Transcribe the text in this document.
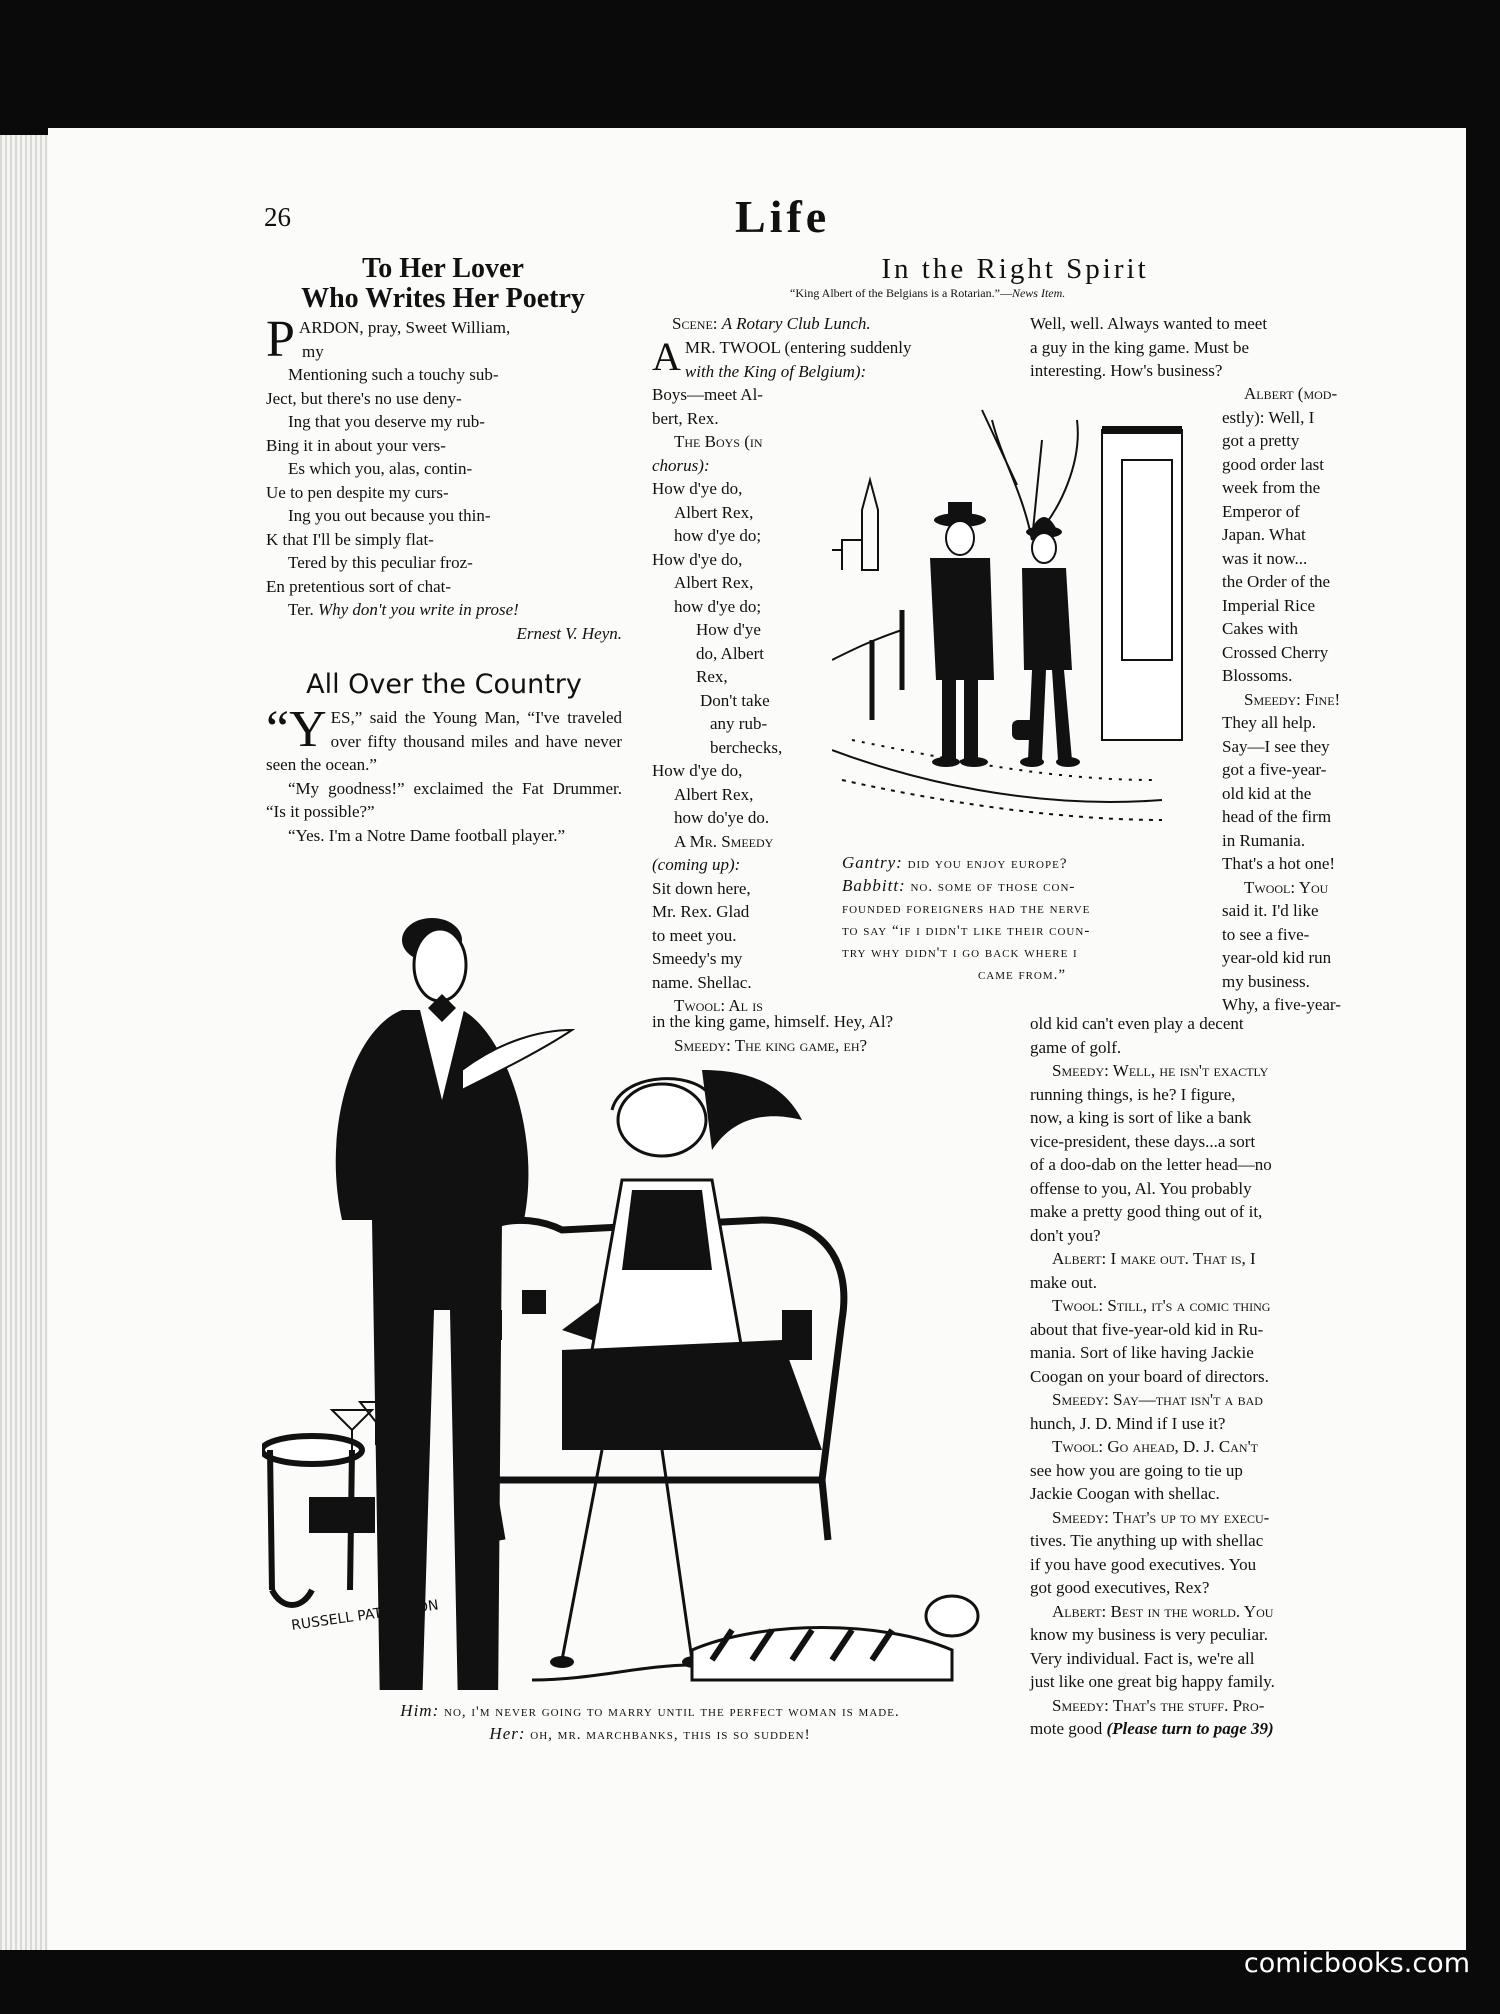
26	Life
To Her Lover
Who Writes Her Poetry
PARDON, pray, Sweet William,
my
Mentioning such a touchy sub-
Ject, but there's no use deny-
Ing that you deserve my rub-
Bing it in about your vers-
Es which you, alas, contin-
Ue to pen despite my curs-
Ing you out because you thin-
K that I'll be simply flat-
Tered by this peculiar froz-
En pretentious sort of chat-
Ter. Why don't you write in prose!
Ernest V. Heyn.
All Over the Country
“YES,” said the Young Man, “I've traveled over fifty thousand miles and have never seen the ocean.”
“My goodness!” exclaimed the Fat Drummer. “Is it possible?”
“Yes. I'm a Notre Dame football player.”
In the Right Spirit
“King Albert of the Belgians is a Rotarian.”—News Item.
Scene: A Rotary Club Lunch.
AMR. TWOOL (entering suddenly
with the King of Belgium):
Boys—meet Al-
bert, Rex.
The Boys (in
chorus):
How d'ye do,
Albert Rex,
how d'ye do;
How d'ye do,
Albert Rex,
how d'ye do;
How d'ye
do, Albert
Rex,
Don't take
any rub-
berchecks,
How d'ye do,
Albert Rex,
how do'ye do.
A Mr. Smeedy
(coming up):
Sit down here,
Mr. Rex. Glad
to meet you.
Smeedy's my
name. Shellac.
Twool: Al is
in the king game, himself. Hey, Al?
Smeedy: The king game, eh?
Well, well. Always wanted to meet
a guy in the king game. Must be
interesting. How's business?
Albert (mod-
estly): Well, I
got a pretty
good order last
week from the
Emperor of
Japan. What
was it now...
the Order of the
Imperial Rice
Cakes with
Crossed Cherry
Blossoms.
Smeedy: Fine!
They all help.
Say—I see they
got a five-year-
old kid at the
head of the firm
in Rumania.
That's a hot one!
Twool: You
said it. I'd like
to see a five-
year-old kid run
my business.
Why, a five-year-
old kid can't even play a decent
game of golf.
Smeedy: Well, he isn't exactly
running things, is he? I figure,
now, a king is sort of like a bank
vice-president, these days...a sort
of a doo-dab on the letter head—no
offense to you, Al. You probably
make a pretty good thing out of it,
don't you?
Albert: I make out. That is, I
make out.
Twool: Still, it's a comic thing
about that five-year-old kid in Ru-
mania. Sort of like having Jackie
Coogan on your board of directors.
Smeedy: Say—that isn't a bad
hunch, J. D. Mind if I use it?
Twool: Go ahead, D. J. Can't
see how you are going to tie up
Jackie Coogan with shellac.
Smeedy: That's up to my execu-
tives. Tie anything up with shellac
if you have good executives. You
got good executives, Rex?
Albert: Best in the world. You
know my business is very peculiar.
Very individual. Fact is, we're all
just like one great big happy family.
Smeedy: That's the stuff. Pro-
mote good (Please turn to page 39)
Gantry: did you enjoy europe?
Babbitt: no. some of those con-
founded foreigners had the nerve
to say “if i didn't like their coun-
try why didn't i go back where i
came from.”
RUSSELL PATTERSON
Him: no, i'm never going to marry until the perfect woman is made.
Her: oh, mr. marchbanks, this is so sudden!
comicbooks.com
